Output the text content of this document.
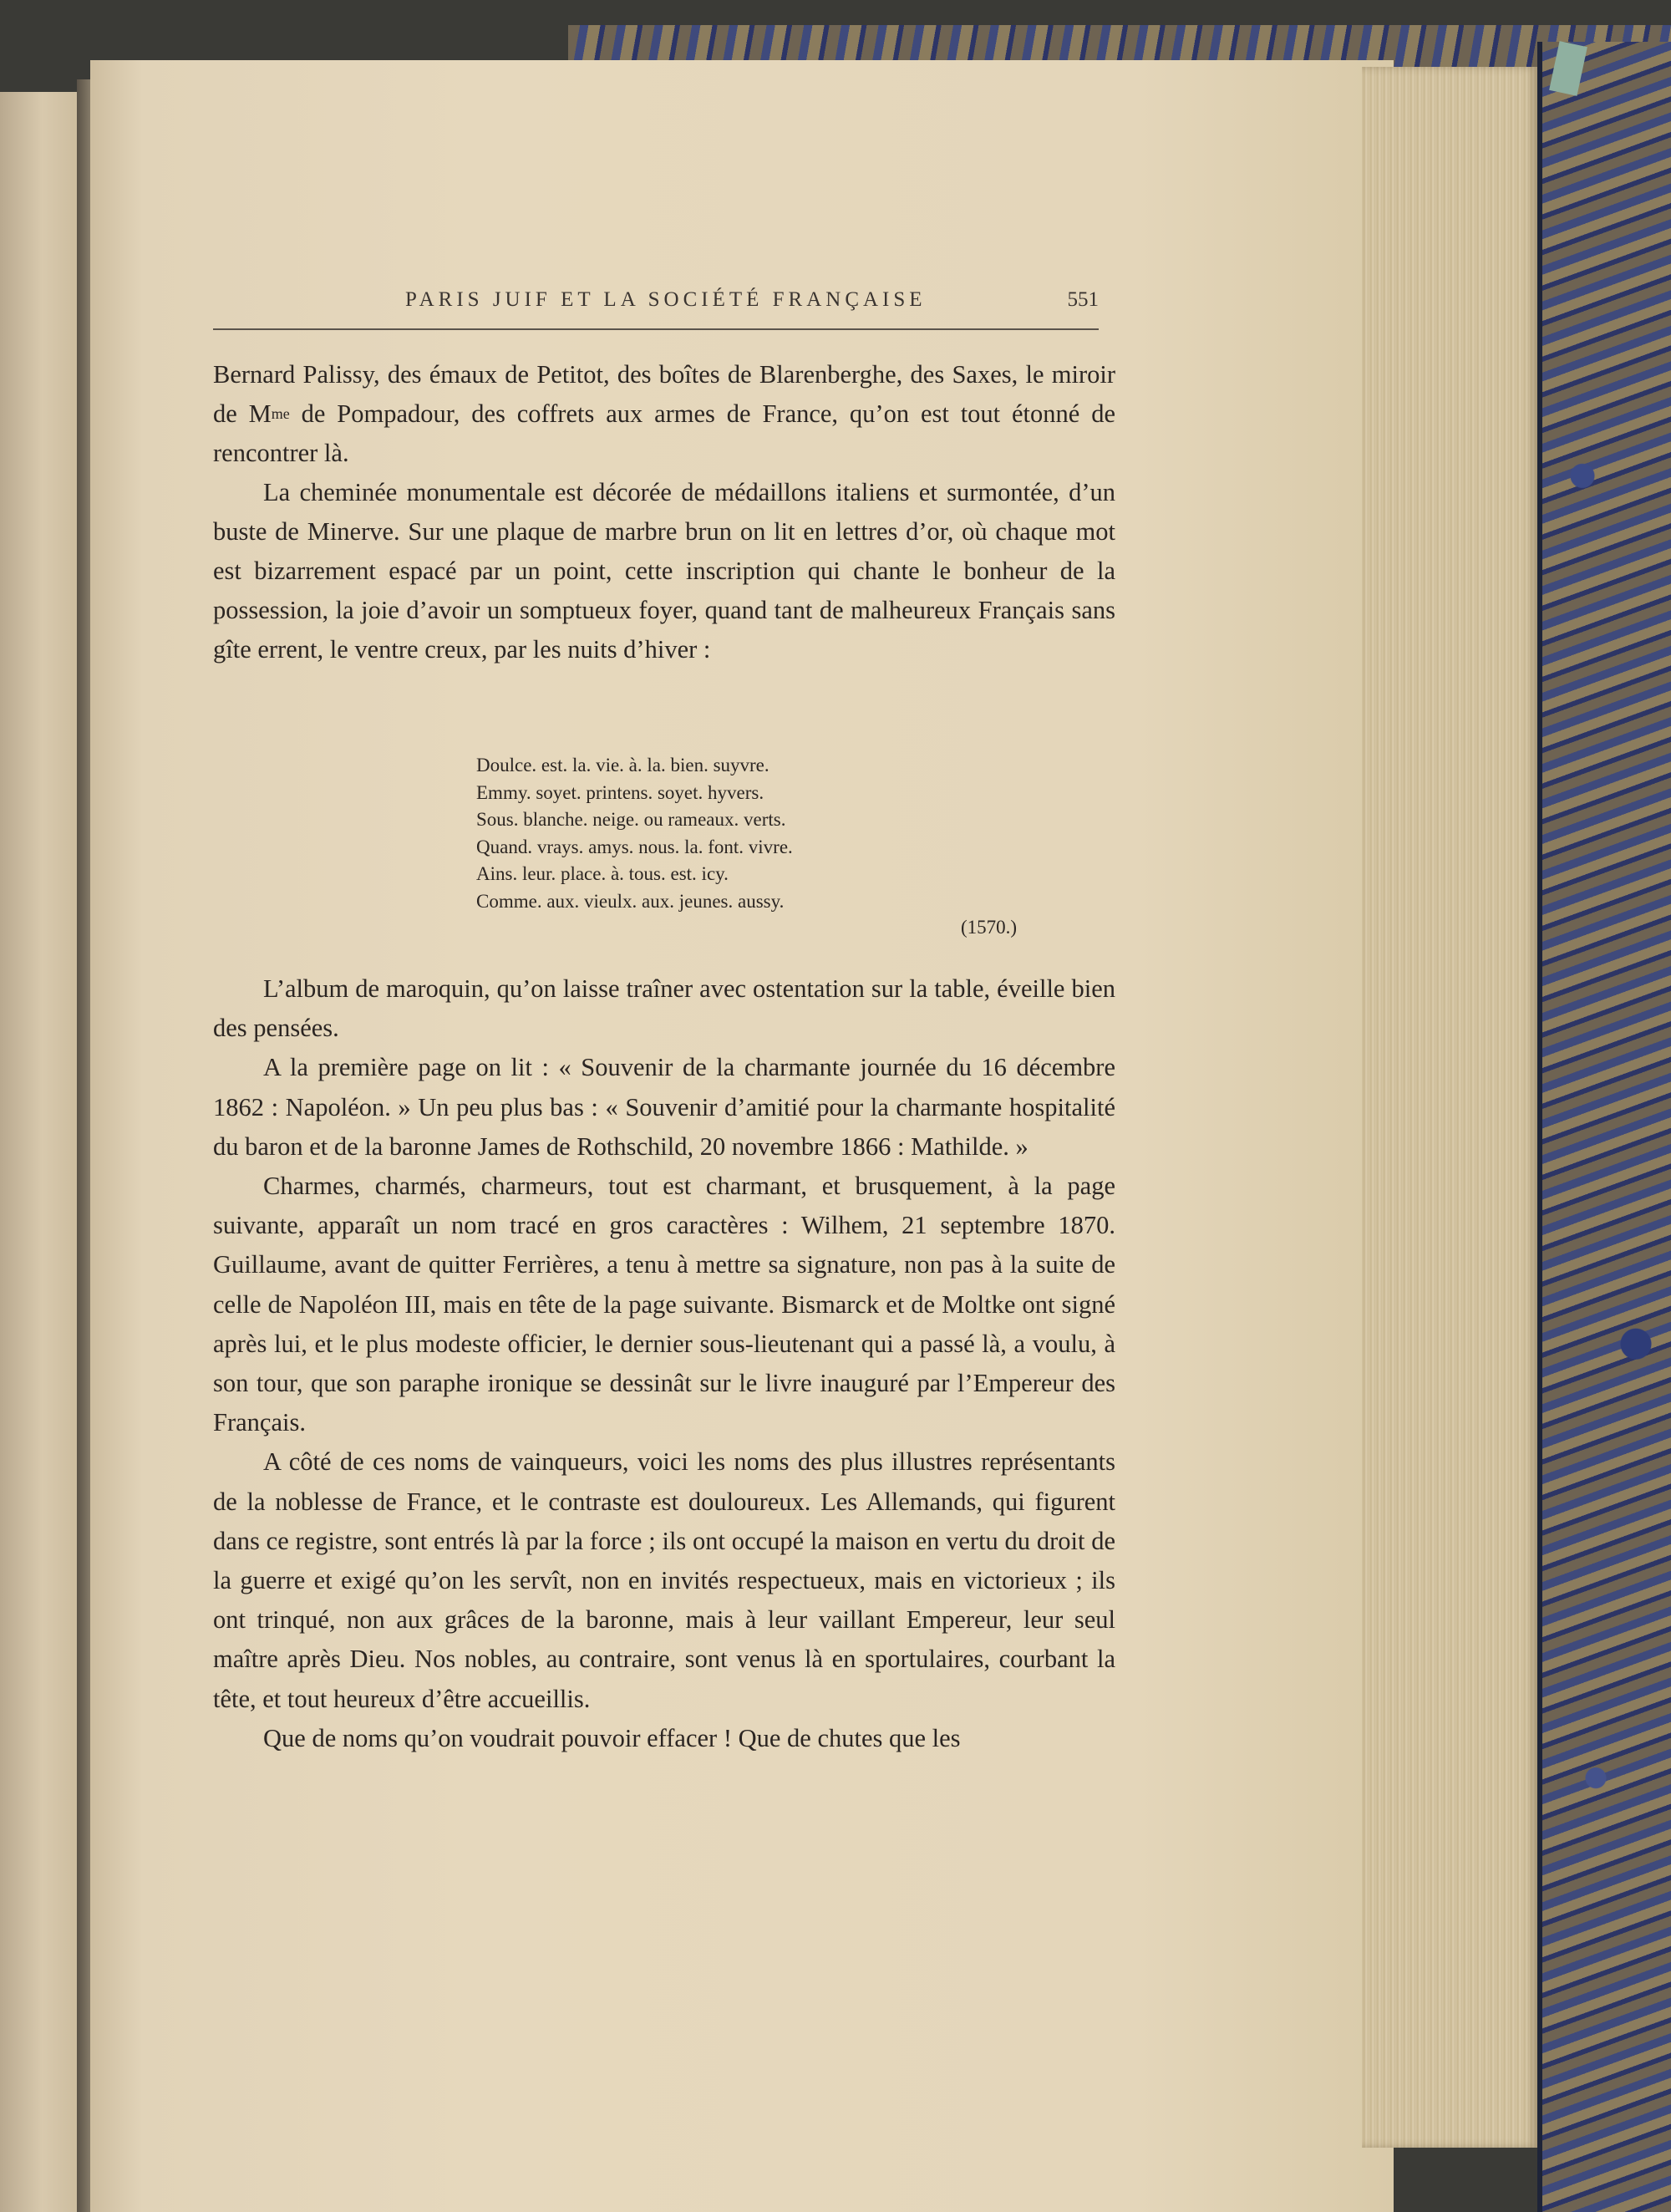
PARIS JUIF ET LA SOCIÉTÉ FRANÇAISE	551

Bernard Palissy, des émaux de Petitot, des boîtes de Blarenberghe, des Saxes, le miroir de $M^{me}$ de Pompadour, des coffrets aux armes de France, qu’on est tout étonné de rencontrer là.

La cheminée monumentale est décorée de médaillons italiens et surmontée, d’un buste de Minerve. Sur une plaque de marbre brun on lit en lettres d’or, où chaque mot est bizarrement espacé par un point, cette inscription qui chante le bonheur de la possession, la joie d’avoir un somptueux foyer, quand tant de malheureux Français sans gîte errent, le ventre creux, par les nuits d’hiver :

Doulce. est. la. vie. à. la. bien. suyvre.
Emmy. soyet. printens. soyet. hyvers.
Sous. blanche. neige. ou rameaux. verts.
Quand. vrays. amys. nous. la. font. vivre.
Ains. leur. place. à. tous. est. icy.
Comme. aux. vieulx. aux. jeunes. aussy.
(1570.)

L’album de maroquin, qu’on laisse traîner avec ostentation sur la table, éveille bien des pensées.

A la première page on lit : « Souvenir de la charmante journée du 16 décembre 1862 : Napoléon. » Un peu plus bas : « Souvenir d’amitié pour la charmante hospitalité du baron et de la baronne James de Rothschild, 20 novembre 1866 : Mathilde. »

Charmes, charmés, charmeurs, tout est charmant, et brusquement, à la page suivante, apparaît un nom tracé en gros caractères : Wilhem, 21 septembre 1870. Guillaume, avant de quitter Ferrières, a tenu à mettre sa signature, non pas à la suite de celle de Napoléon III, mais en tête de la page suivante. Bismarck et de Moltke ont signé après lui, et le plus modeste officier, le dernier sous-lieutenant qui a passé là, a voulu, à son tour, que son paraphe ironique se dessinât sur le livre inauguré par l’Empereur des Français.

A côté de ces noms de vainqueurs, voici les noms des plus illustres représentants de la noblesse de France, et le contraste est douloureux. Les Allemands, qui figurent dans ce registre, sont entrés là par la force ; ils ont occupé la maison en vertu du droit de la guerre et exigé qu’on les servît, non en invités respectueux, mais en victorieux ; ils ont trinqué, non aux grâces de la baronne, mais à leur vaillant Empereur, leur seul maître après Dieu. Nos nobles, au contraire, sont venus là en sportulaires, courbant la tête, et tout heureux d’être accueillis.

Que de noms qu’on voudrait pouvoir effacer ! Que de chutes que les
